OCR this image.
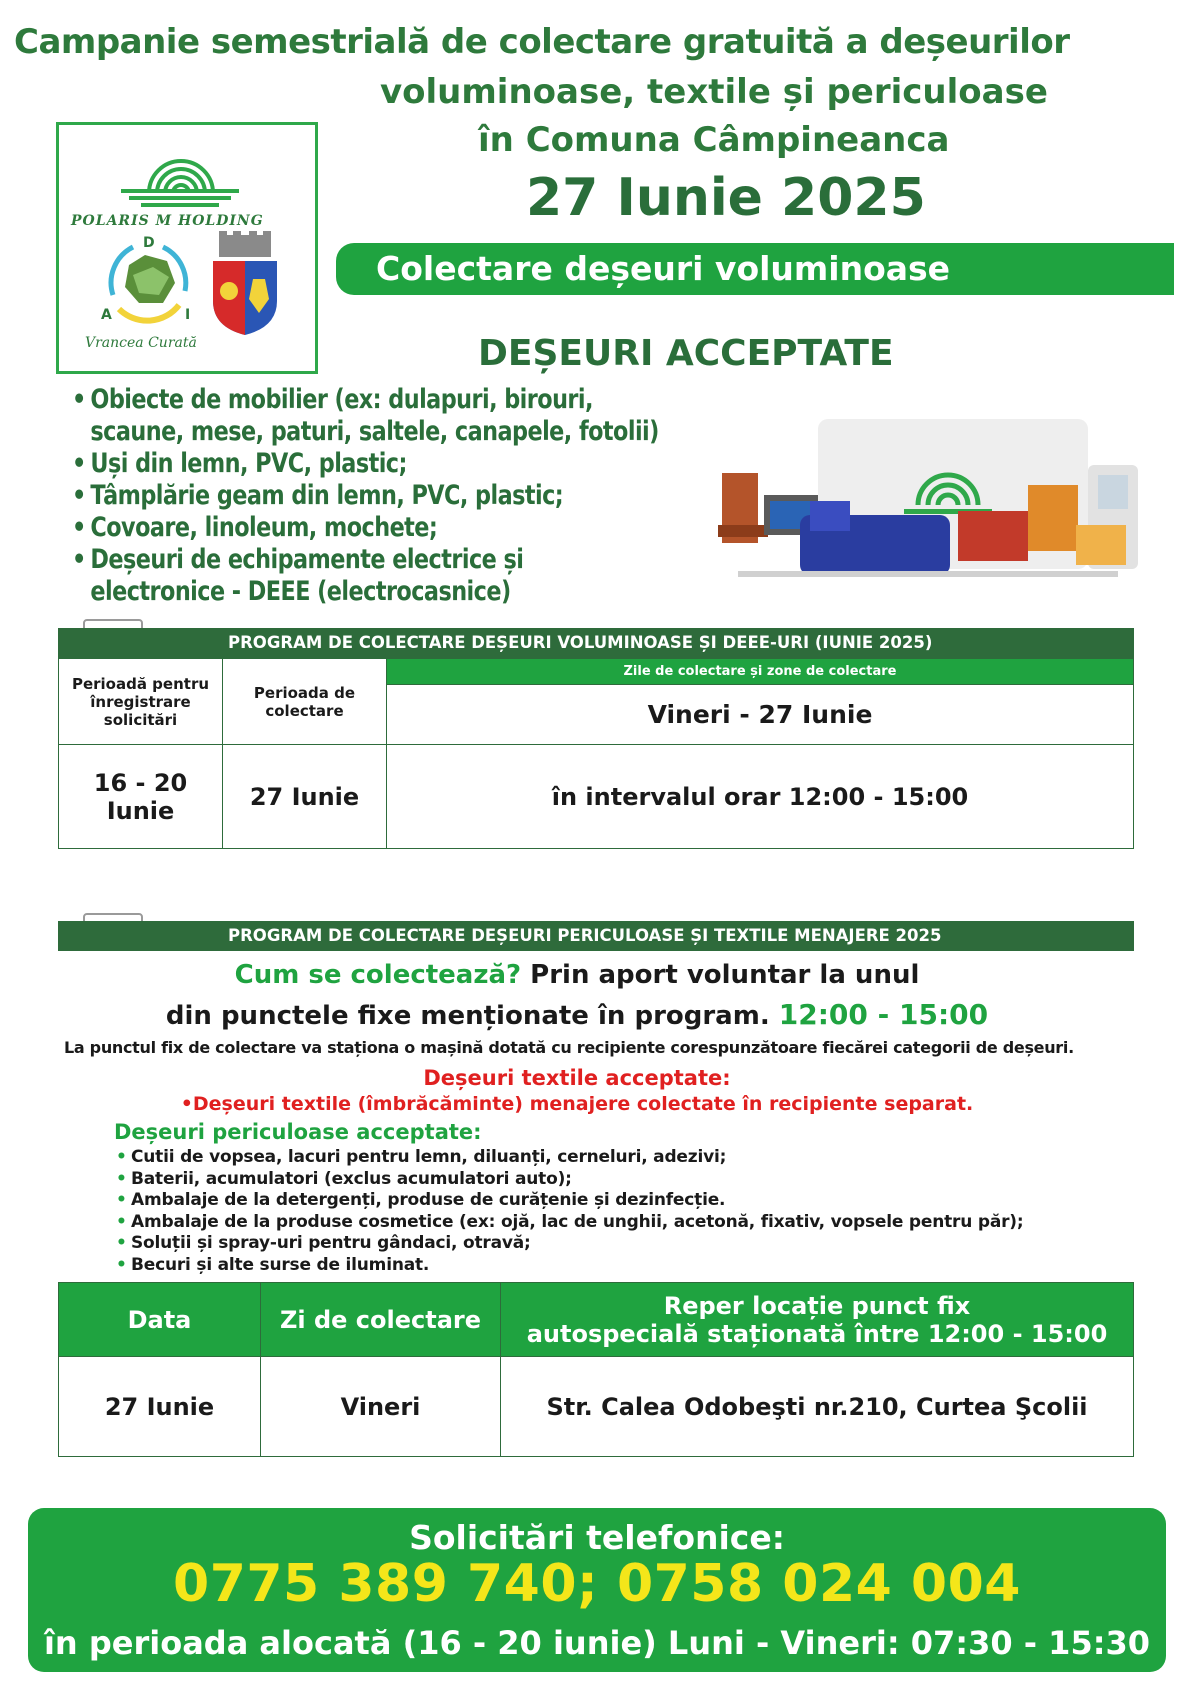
Campanie semestrială de colectare gratuită a deșeurilor
voluminoase, textile și periculoase
în Comuna Câmpineanca
27 Iunie 2025
POLARIS M HOLDING
D
A	I
Vrancea Curată
Colectare deșeuri voluminoase
DEȘEURI ACCEPTATE
• Obiecte de mobilier (ex: dulapuri, birouri,
scaune, mese, paturi, saltele, canapele, fotolii)
• Uși din lemn, PVC, plastic;
• Tâmplărie geam din lemn, PVC, plastic;
• Covoare, linoleum, mochete;
• Deșeuri de echipamente electrice și
electronice - DEEE (electrocasnice)
PROGRAM DE COLECTARE DEȘEURI VOLUMINOASE ȘI DEEE-URI (IUNIE 2025)
Perioadă pentru înregistrare solicitări	Perioada de colectare	Zile de colectare și zone de colectare
		Vineri - 27 Iunie
16 - 20 Iunie	27 Iunie	în intervalul orar 12:00 - 15:00
PROGRAM DE COLECTARE DEȘEURI PERICULOASE ȘI TEXTILE MENAJERE 2025
Cum se colectează? Prin aport voluntar la unul
din punctele fixe menționate în program. 12:00 - 15:00
La punctul fix de colectare va staționa o mașină dotată cu recipiente corespunzătoare fiecărei categorii de deșeuri.
Deșeuri textile acceptate:
•Deșeuri textile (îmbrăcăminte) menajere colectate în recipiente separat.
Deșeuri periculoase acceptate:
• Cutii de vopsea, lacuri pentru lemn, diluanți, cerneluri, adezivi;
• Baterii, acumulatori (exclus acumulatori auto);
• Ambalaje de la detergenți, produse de curățenie și dezinfecție.
• Ambalaje de la produse cosmetice (ex: ojă, lac de unghii, acetonă, fixativ, vopsele pentru păr);
• Soluții și spray-uri pentru gândaci, otravă;
• Becuri și alte surse de iluminat.
Data	Zi de colectare	Reper locație punct fix
autospecială staționată între 12:00 - 15:00

27 Iunie	Vineri	Str. Calea Odobeşti nr.210, Curtea Şcolii
Solicitări telefonice:
0775 389 740; 0758 024 004
în perioada alocată (16 - 20 iunie) Luni - Vineri: 07:30 - 15:30
